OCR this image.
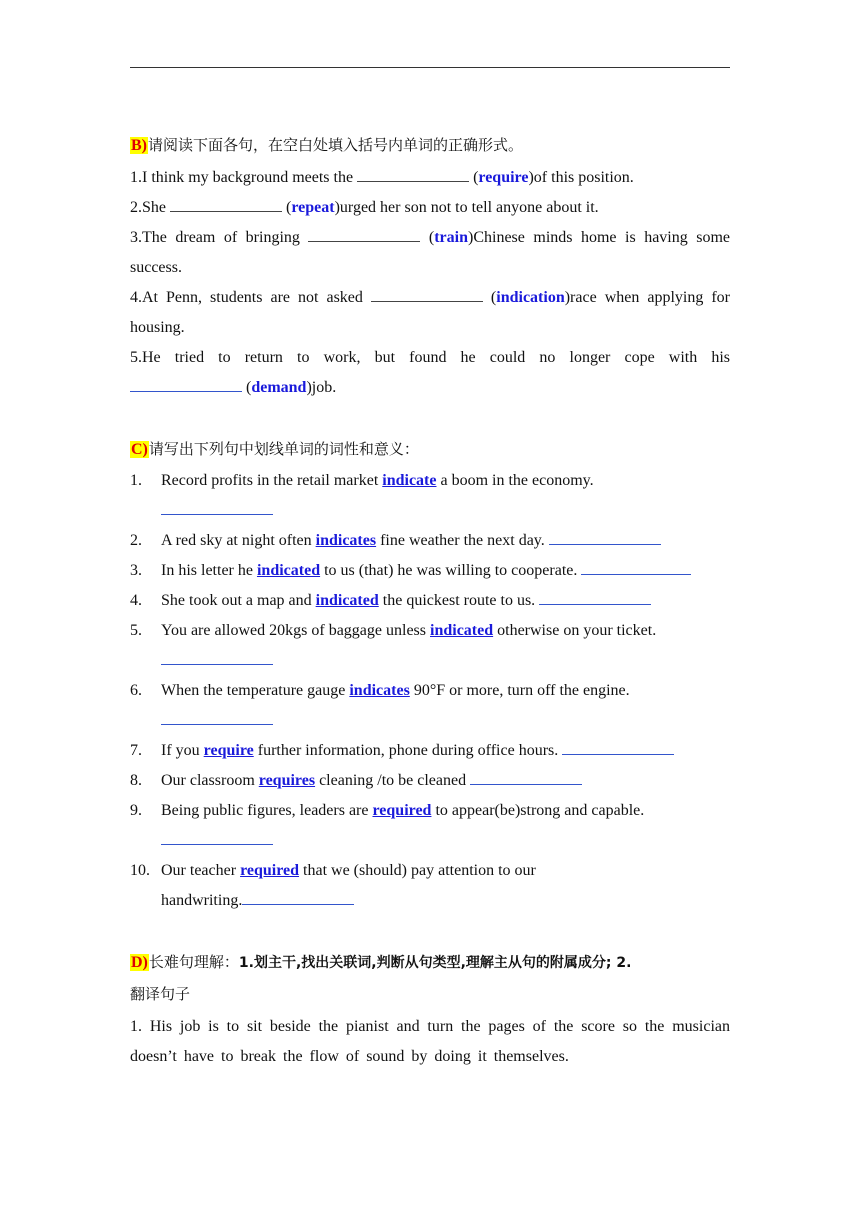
B)请阅读下面各句，在空白处填入括号内单词的正确形式。
1.I think my background meets the	(require)of this position.
2.She	(repeat)urged her son not to tell anyone about it.
3.The dream of bringing	(train)Chinese minds home is having some
success.
4.At Penn, students are not asked	(indication)race when applying for
housing.
5.He tried to return to work, but found he could no longer cope with his
(demand)job.
C)请写出下列句中划线单词的词性和意义：
1. Record profits in the retail market indicate a boom in the economy.
2. A red sky at night often indicates fine weather the next day.
3. In his letter he indicated to us (that) he was willing to cooperate.
4. She took out a map and indicated the quickest route to us.
5. You are allowed 20kgs of baggage unless indicated otherwise on your ticket.
6. When the temperature gauge indicates 90°F or more, turn off the engine.
7. If you require further information, phone during office hours.
8. Our classroom requires cleaning /to be cleaned
9. Being public figures, leaders are required to appear(be)strong and capable.
10. Our teacher required that we (should) pay attention to our
handwriting.
D)长难句理解：1.划主干,找出关联词,判断从句类型,理解主从句的附属成分; 2.
翻译句子
1. His job is to sit beside the pianist and turn the pages of the score so the musician
doesn’t have to break the flow of sound by doing it themselves.
